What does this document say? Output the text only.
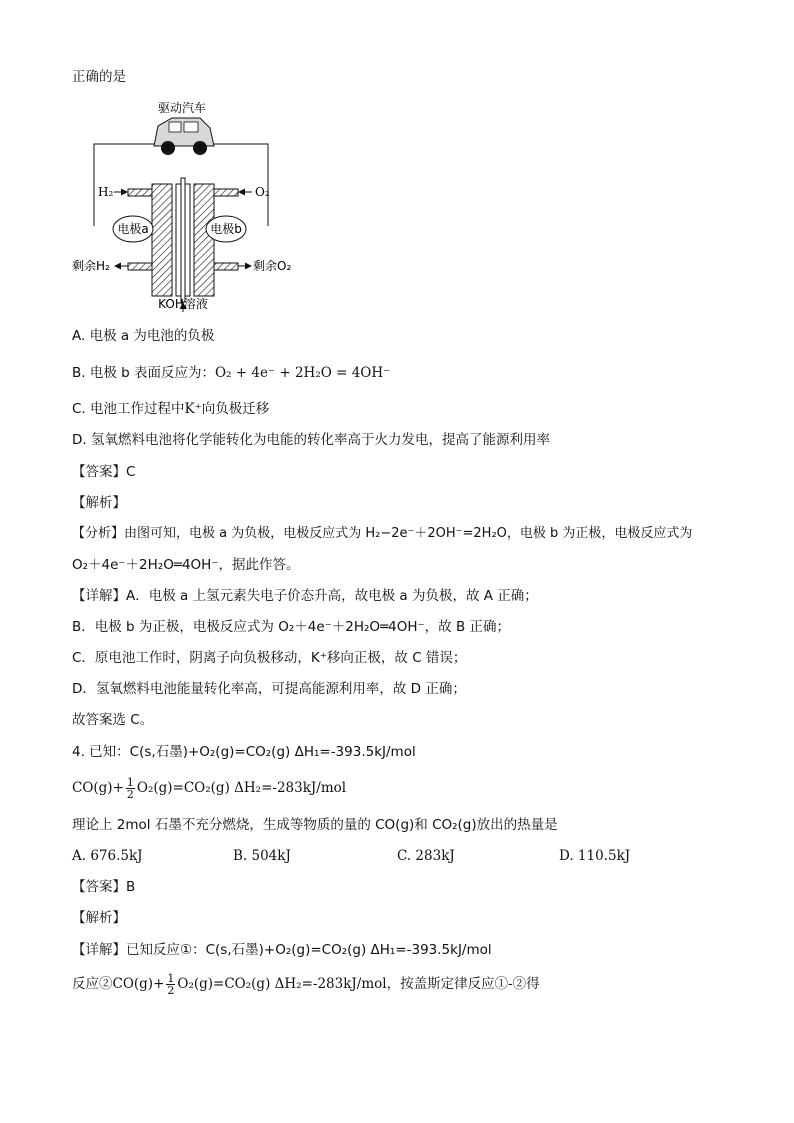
正确的是
驱动汽车
H₂	O₂
电极a	电极b
剩余H₂	剩余O₂
KOH溶液
A. 电极 a 为电池的负极
B. 电极 b 表面反应为：O₂ + 4e⁻ + 2H₂O = 4OH⁻
C. 电池工作过程中K⁺向负极迁移
D. 氢氧燃料电池将化学能转化为电能的转化率高于火力发电，提高了能源利用率
【答案】C
【解析】
【分析】由图可知，电极 a 为负极，电极反应式为 H₂−2e⁻＋2OH⁻=2H₂O，电极 b 为正极，电极反应式为
O₂＋4e⁻＋2H₂O═4OH⁻，据此作答。
【详解】A．电极 a 上氢元素失电子价态升高，故电极 a 为负极，故 A 正确；
B．电极 b 为正极，电极反应式为 O₂＋4e⁻＋2H₂O═4OH⁻，故 B 正确；
C．原电池工作时，阴离子向负极移动，K⁺移向正极，故 C 错误；
D．氢氧燃料电池能量转化率高，可提高能源利用率，故 D 正确；
故答案选 C。
4. 已知：C(s,石墨)+O₂(g)=CO₂(g) ΔH₁=-393.5kJ/mol
$CO(g)+ \frac{1}{2} O_2(g)=CO_2(g)$ ΔH₂=-283kJ/mol
理论上 2mol 石墨不充分燃烧，生成等物质的量的 CO(g)和 CO₂(g)放出的热量是
A. 676.5kJ	B. 504kJ	C. 283kJ	D. 110.5kJ
【答案】B
【解析】
【详解】已知反应①：C(s,石墨)+O₂(g)=CO₂(g) ΔH₁=-393.5kJ/mol
反应②CO(g)+ $\frac{1}{2} O_2(g)=CO_2(g)$ ΔH₂=-283kJ/mol，按盖斯定律反应①-②得
